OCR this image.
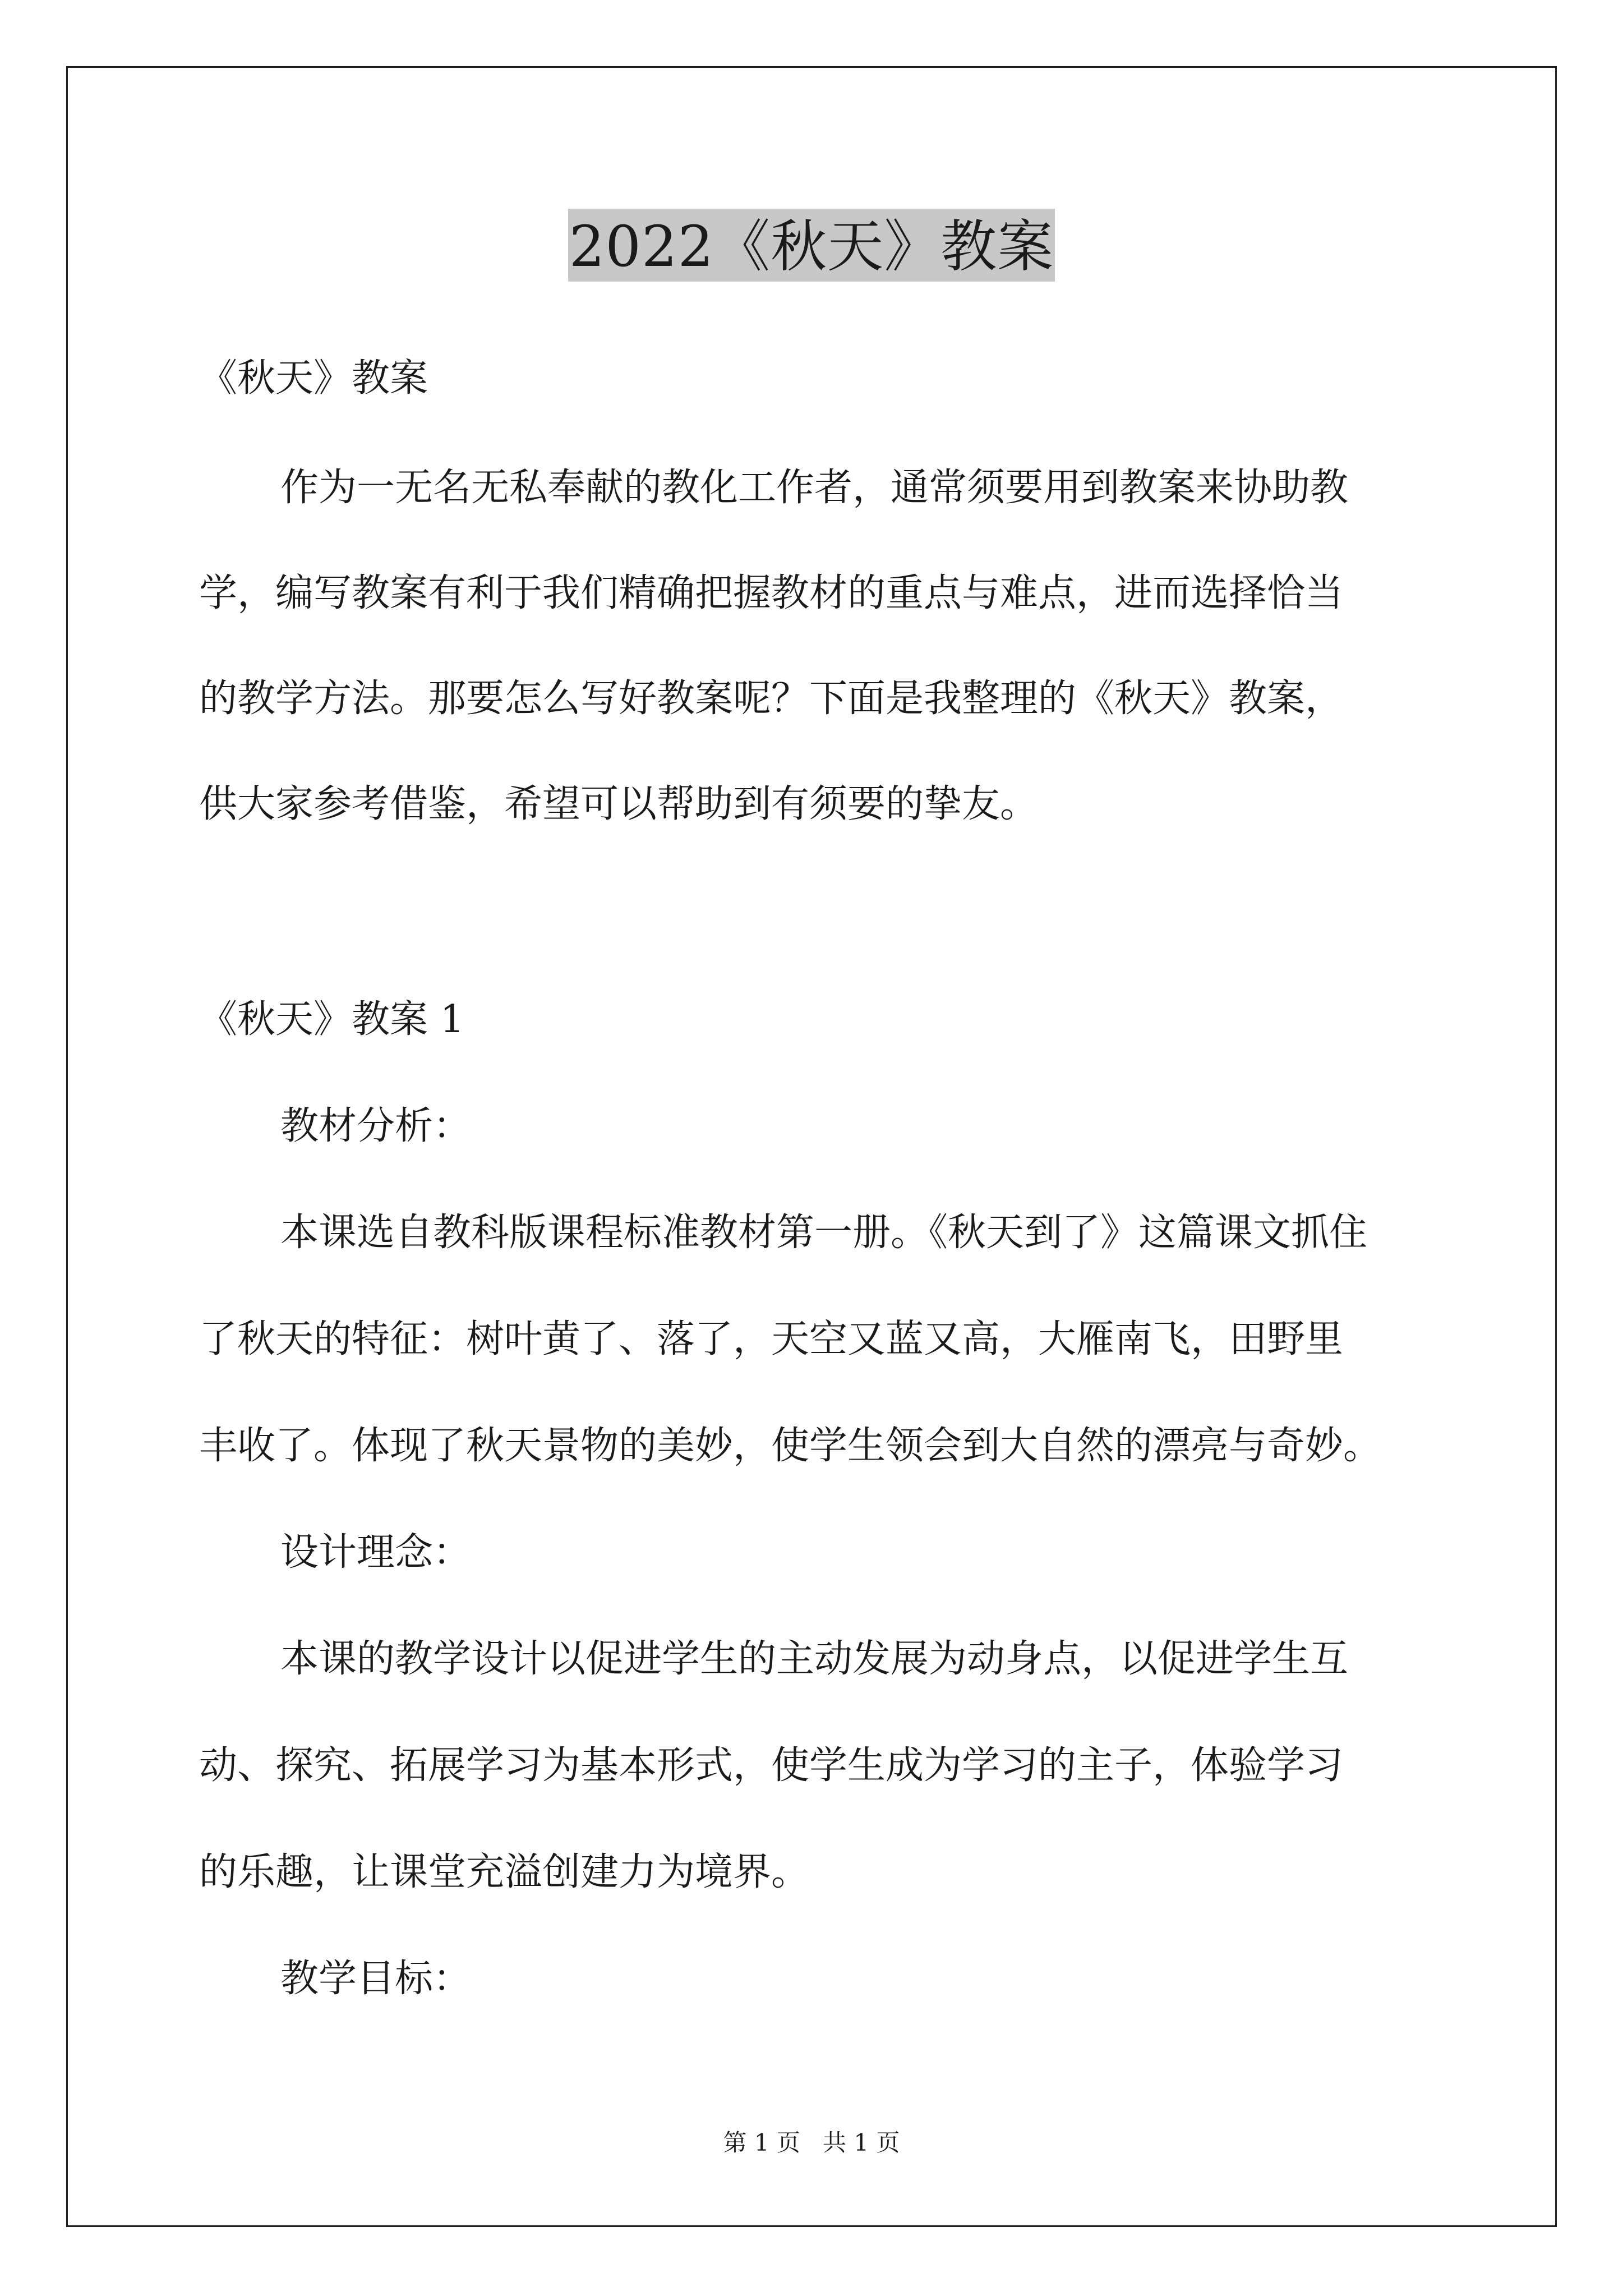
2022《秋天》教案
《秋天》教案
作为一无名无私奉献的教化工作者，通常须要用到教案来协助教
学，编写教案有利于我们精确把握教材的重点与难点，进而选择恰当
的教学方法。那要怎么写好教案呢？下面是我整理的《秋天》教案，
供大家参考借鉴，希望可以帮助到有须要的挚友。
《秋天》教案 1
教材分析：
本课选自教科版课程标准教材第一册。《秋天到了》这篇课文抓住
了秋天的特征：树叶黄了、落了，天空又蓝又高，大雁南飞，田野里
丰收了。体现了秋天景物的美妙，使学生领会到大自然的漂亮与奇妙。
设计理念：
本课的教学设计以促进学生的主动发展为动身点，以促进学生互
动、探究、拓展学习为基本形式，使学生成为学习的主子，体验学习
的乐趣，让课堂充溢创建力为境界。
教学目标：
第 1 页   共 1 页
